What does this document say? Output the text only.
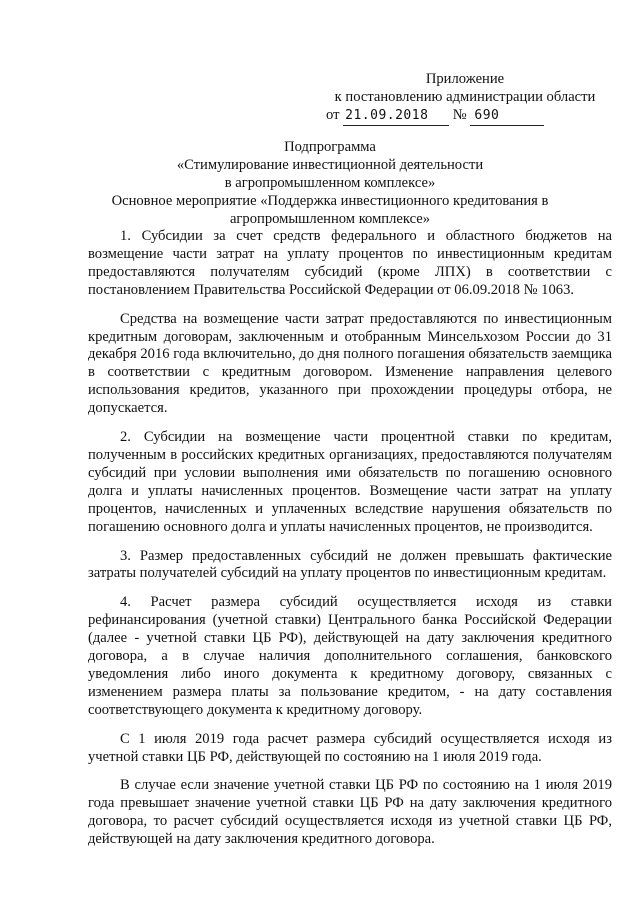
Приложение
к постановлению администрации области
от 21.09.2018 № 690
Подпрограмма
«Стимулирование инвестиционной деятельности
в агропромышленном комплексе»
Основное мероприятие «Поддержка инвестиционного кредитования в
агропромышленном комплексе»

1. Субсидии за счет средств федерального и областного бюджетов на возмещение части затрат на уплату процентов по инвестиционным кредитам предоставляются получателям субсидий (кроме ЛПХ) в соответствии с постановлением Правительства Российской Федерации от 06.09.2018 № 1063.

Средства на возмещение части затрат предоставляются по инвестиционным кредитным договорам, заключенным и отобранным Минсельхозом России до 31 декабря 2016 года включительно, до дня полного погашения обязательств заемщика в соответствии с кредитным договором. Изменение направления целевого использования кредитов, указанного при прохождении процедуры отбора, не допускается.

2. Субсидии на возмещение части процентной ставки по кредитам, полученным в российских кредитных организациях, предоставляются получателям субсидий при условии выполнения ими обязательств по погашению основного долга и уплаты начисленных процентов. Возмещение части затрат на уплату процентов, начисленных и уплаченных вследствие нарушения обязательств по погашению основного долга и уплаты начисленных процентов, не производится.

3. Размер предоставленных субсидий не должен превышать фактические затраты получателей субсидий на уплату процентов по инвестиционным кредитам.

4. Расчет размера субсидий осуществляется исходя из ставки рефинансирования (учетной ставки) Центрального банка Российской Федерации (далее - учетной ставки ЦБ РФ), действующей на дату заключения кредитного договора, а в случае наличия дополнительного соглашения, банковского уведомления либо иного документа к кредитному договору, связанных с изменением размера платы за пользование кредитом, - на дату составления соответствующего документа к кредитному договору.

С 1 июля 2019 года расчет размера субсидий осуществляется исходя из учетной ставки ЦБ РФ, действующей по состоянию на 1 июля 2019 года.

В случае если значение учетной ставки ЦБ РФ по состоянию на 1 июля 2019 года превышает значение учетной ставки ЦБ РФ на дату заключения кредитного договора, то расчет субсидий осуществляется исходя из учетной ставки ЦБ РФ, действующей на дату заключения кредитного договора.
